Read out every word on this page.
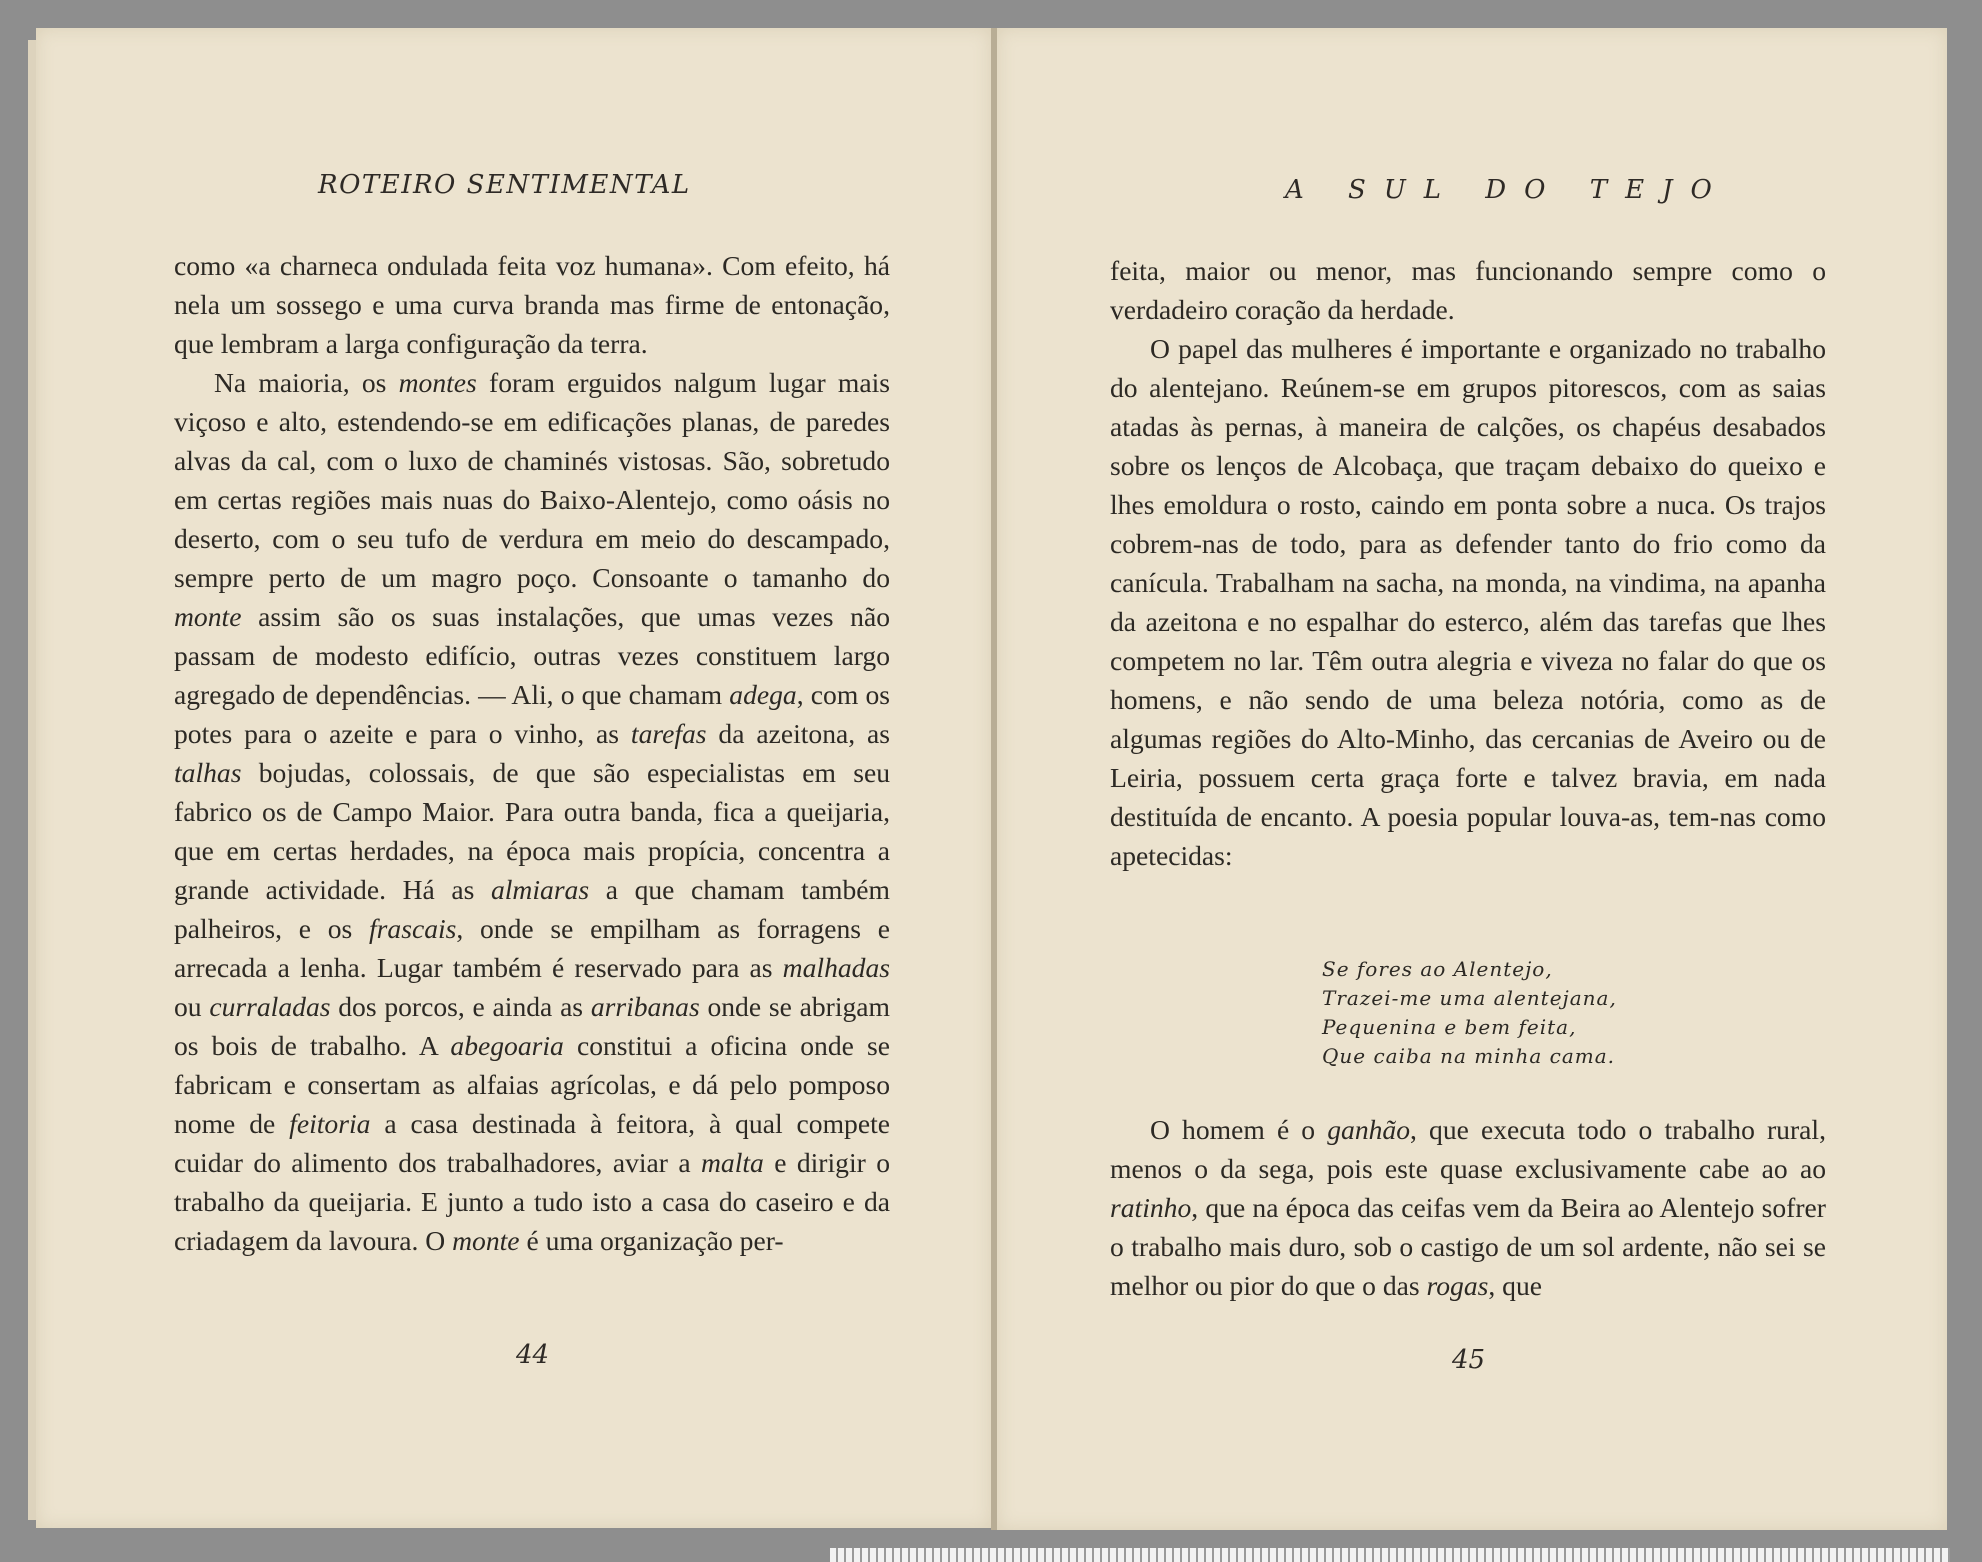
ROTEIRO SENTIMENTAL	A SUL DO TEJO

como «a charneca ondulada feita voz humana». Com efeito, há nela um sossego e uma curva branda mas firme de entonação, que lembram a larga configuração da terra.

Na maioria, os montes foram erguidos nalgum lugar mais viçoso e alto, estendendo-se em edificações planas, de paredes alvas da cal, com o luxo de chaminés vistosas. São, sobretudo em certas regiões mais nuas do Baixo-Alentejo, como oásis no deserto, com o seu tufo de verdura em meio do descampado, sempre perto de um magro poço. Consoante o tamanho do monte assim são os suas instalações, que umas vezes não passam de modesto edifício, outras vezes constituem largo agregado de dependências. — Ali, o que chamam adega, com os potes para o azeite e para o vinho, as tarefas da azeitona, as talhas bojudas, colossais, de que são especialistas em seu fabrico os de Campo Maior. Para outra banda, fica a queijaria, que em certas herdades, na época mais propícia, concentra a grande actividade. Há as almiaras a que chamam também palheiros, e os frascais, onde se empilham as forragens e arrecada a lenha. Lugar também é reservado para as malhadas ou curraladas dos porcos, e ainda as arribanas onde se abrigam os bois de trabalho. A abegoaria constitui a oficina onde se fabricam e consertam as alfaias agrícolas, e dá pelo pomposo nome de feitoria a casa destinada à feitora, à qual compete cuidar do alimento dos trabalhadores, aviar a malta e dirigir o trabalho da queijaria. E junto a tudo isto a casa do caseiro e da criadagem da lavoura. O monte é uma organização per-

feita, maior ou menor, mas funcionando sempre como o verdadeiro coração da herdade.

O papel das mulheres é importante e organizado no trabalho do alentejano. Reúnem-se em grupos pitorescos, com as saias atadas às pernas, à maneira de calções, os chapéus desabados sobre os lenços de Alcobaça, que traçam debaixo do queixo e lhes emoldura o rosto, caindo em ponta sobre a nuca. Os trajos cobrem-nas de todo, para as defender tanto do frio como da canícula. Trabalham na sacha, na monda, na vindima, na apanha da azeitona e no espalhar do esterco, além das tarefas que lhes competem no lar. Têm outra alegria e viveza no falar do que os homens, e não sendo de uma beleza notória, como as de algumas regiões do Alto-Minho, das cercanias de Aveiro ou de Leiria, possuem certa graça forte e talvez bravia, em nada destituída de encanto. A poesia popular louva-as, tem-nas como apetecidas:

Se fores ao Alentejo,
Trazei-me uma alentejana,
Pequenina e bem feita,
Que caiba na minha cama.

O homem é o ganhão, que executa todo o trabalho rural, menos o da sega, pois este quase exclusivamente cabe ao ao ratinho, que na época das ceifas vem da Beira ao Alentejo sofrer o trabalho mais duro, sob o castigo de um sol ardente, não sei se melhor ou pior do que o das rogas, que

44	45
